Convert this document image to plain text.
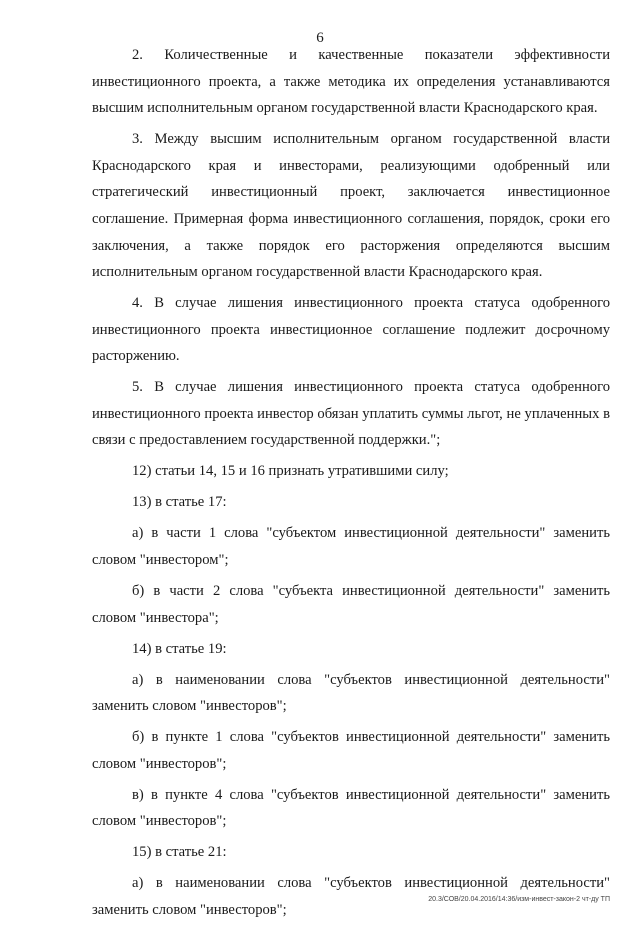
6

2. Количественные и качественные показатели эффективности инвестиционного проекта, а также методика их определения устанавливаются высшим исполнительным органом государственной власти Краснодарского края.

3. Между высшим исполнительным органом государственной власти Краснодарского края и инвесторами, реализующими одобренный или стратегический инвестиционный проект, заключается инвестиционное соглашение. Примерная форма инвестиционного соглашения, порядок, сроки его заключения, а также порядок его расторжения определяются высшим исполнительным органом государственной власти Краснодарского края.

4. В случае лишения инвестиционного проекта статуса одобренного инвестиционного проекта инвестиционное соглашение подлежит досрочному расторжению.

5. В случае лишения инвестиционного проекта статуса одобренного инвестиционного проекта инвестор обязан уплатить суммы льгот, не уплаченных в связи с предоставлением государственной поддержки.";

12) статьи 14, 15 и 16 признать утратившими силу;

13) в статье 17:

а) в части 1 слова "субъектом инвестиционной деятельности" заменить словом "инвестором";

б) в части 2 слова "субъекта инвестиционной деятельности" заменить словом "инвестора";

14) в статье 19:

а) в наименовании слова "субъектов инвестиционной деятельности" заменить словом "инвесторов";

б) в пункте 1 слова "субъектов инвестиционной деятельности" заменить словом "инвесторов";

в) в пункте 4 слова "субъектов инвестиционной деятельности" заменить словом "инвесторов";

15) в статье 21:

а) в наименовании слова "субъектов инвестиционной деятельности" заменить словом "инвесторов";

20.3/СОВ/20.04.2016/14:36/изм-инвест-закон-2 чт-ду ТП
